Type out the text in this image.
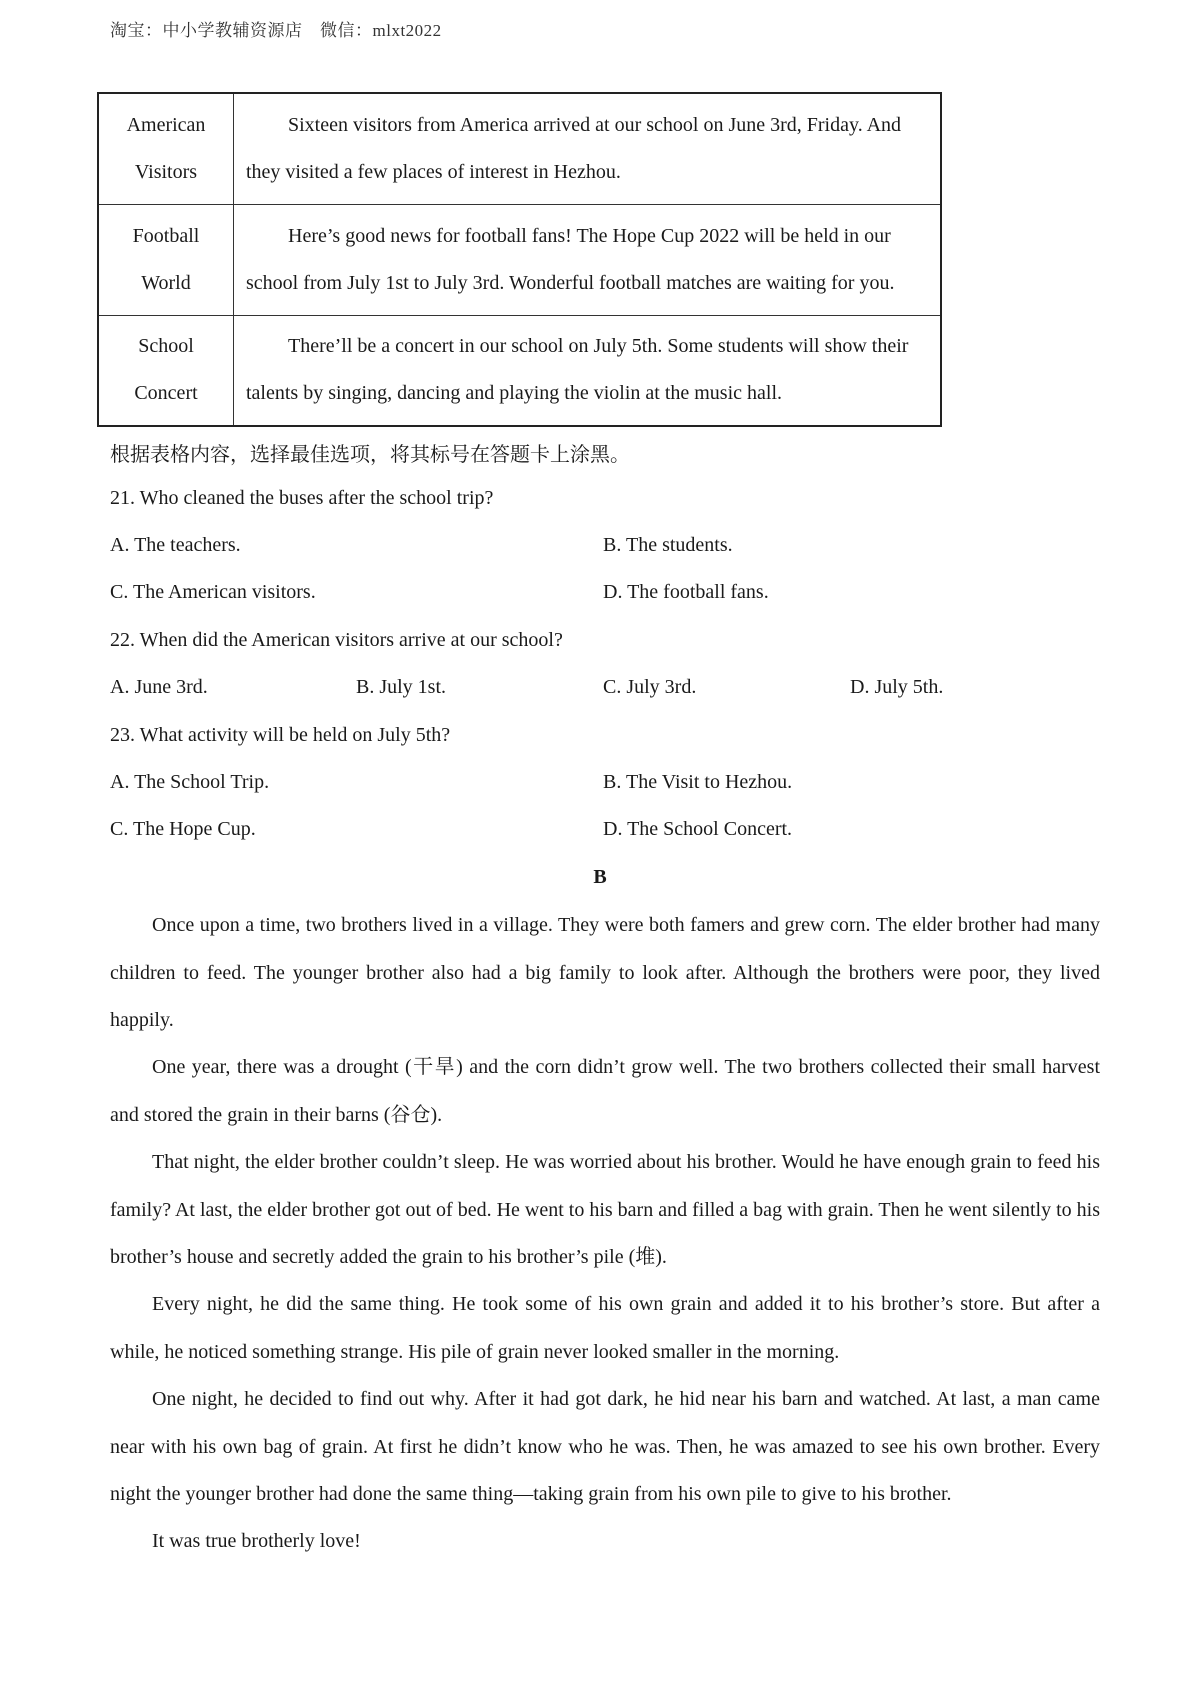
淘宝：中小学教辅资源店　微信：mlxt2022
American
Visitors	Sixteen visitors from America arrived at our school on June 3rd, Friday. And they visited a few places of interest in Hezhou.

Football
World	Here’s good news for football fans! The Hope Cup 2022 will be held in our school from July 1st to July 3rd. Wonderful football matches are waiting for you.

School
Concert	There’ll be a concert in our school on July 5th. Some students will show their talents by singing, dancing and playing the violin at the music hall.
根据表格内容，选择最佳选项，将其标号在答题卡上涂黑。
21. Who cleaned the buses after the school trip?
A. The teachers.	B. The students.
C. The American visitors.	D. The football fans.
22. When did the American visitors arrive at our school?
A. June 3rd.	B. July 1st.	C. July 3rd.	D. July 5th.
23. What activity will be held on July 5th?
A. The School Trip.	B. The Visit to Hezhou.
C. The Hope Cup.	D. The School Concert.
B

Once upon a time, two brothers lived in a village. They were both famers and grew corn. The elder brother had many children to feed. The younger brother also had a big family to look after. Although the brothers were poor, they lived happily.

One year, there was a drought (干旱) and the corn didn’t grow well. The two brothers collected their small harvest and stored the grain in their barns (谷仓).

That night, the elder brother couldn’t sleep. He was worried about his brother. Would he have enough grain to feed his family? At last, the elder brother got out of bed. He went to his barn and filled a bag with grain. Then he went silently to his brother’s house and secretly added the grain to his brother’s pile (堆).

Every night, he did the same thing. He took some of his own grain and added it to his brother’s store. But after a while, he noticed something strange. His pile of grain never looked smaller in the morning.

One night, he decided to find out why. After it had got dark, he hid near his barn and watched. At last, a man came near with his own bag of grain. At first he didn’t know who he was. Then, he was amazed to see his own brother. Every night the younger brother had done the same thing—taking grain from his own pile to give to his brother.

It was true brotherly love!
